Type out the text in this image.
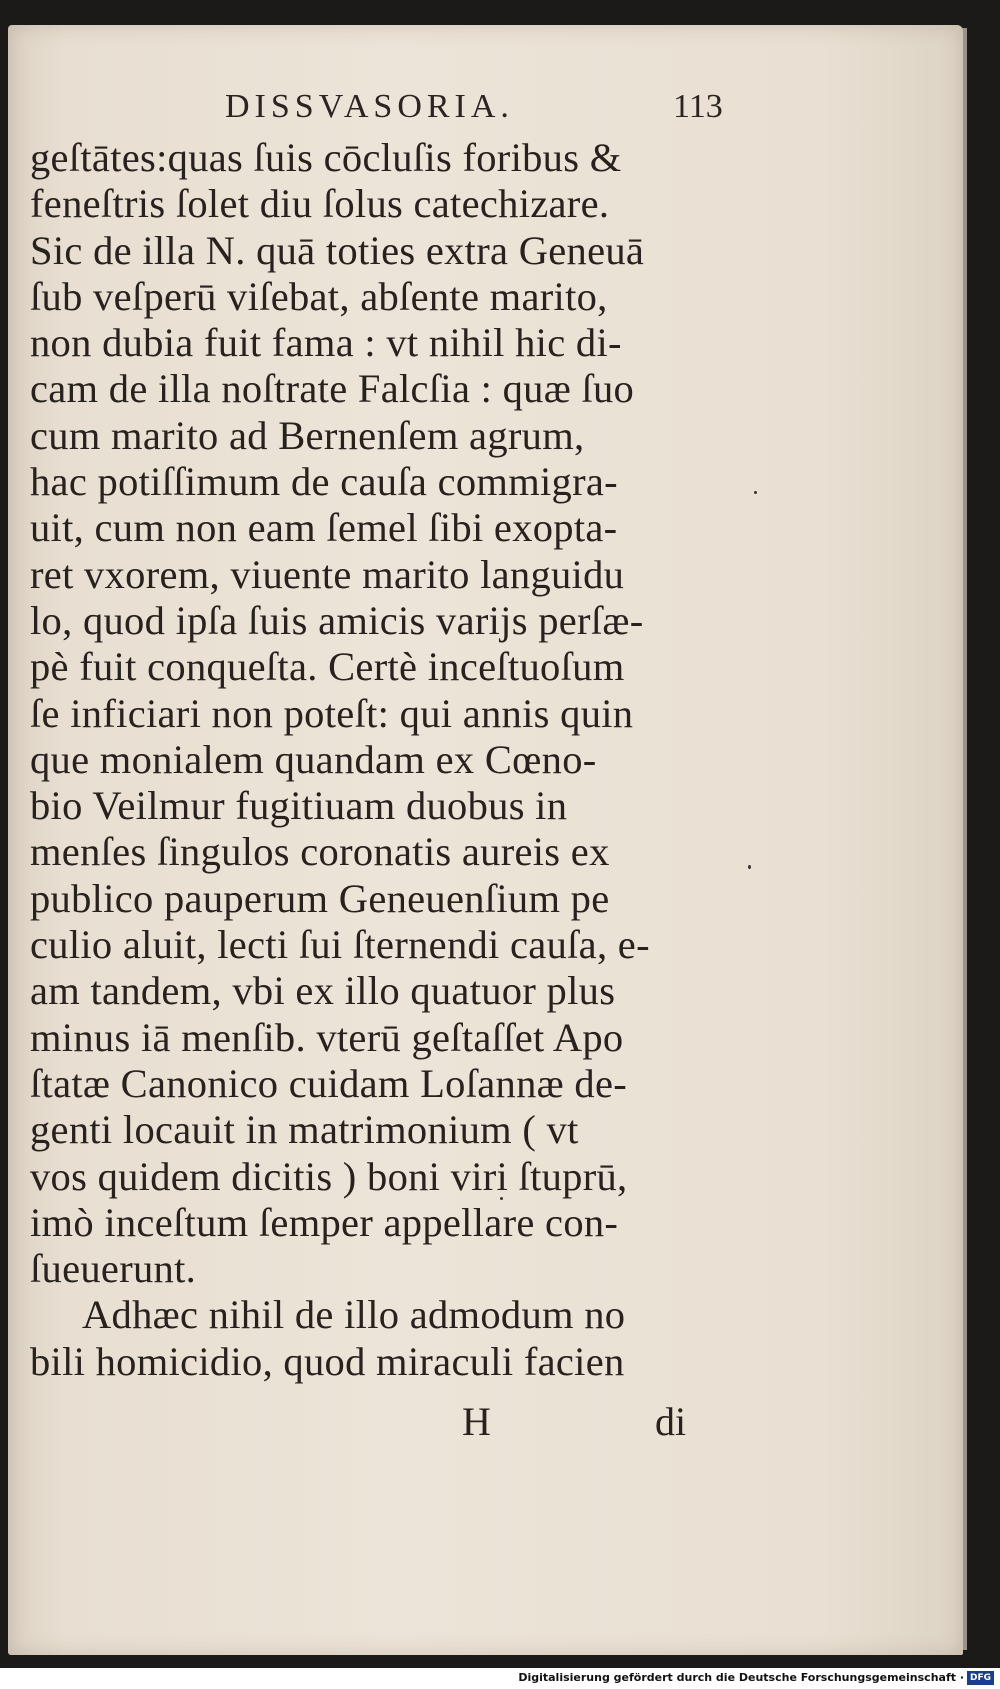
DISSVASORIA.	113
geſtātes:quas ſuis cōcluſis foribus &
feneſtris ſolet diu ſolus catechizare.
Sic de illa N. quā toties extra Geneuā
ſub veſperū viſebat, abſente marito,
non dubia fuit fama : vt nihil hic di-
cam de illa noſtrate Falcſia : quæ ſuo
cum marito ad Bernenſem agrum,
hac potiſſimum de cauſa commigra-
uit, cum non eam ſemel ſibi exopta-
ret vxorem, viuente marito languidu
lo, quod ipſa ſuis amicis varijs perſæ-
pè fuit conqueſta. Certè inceſtuoſum
ſe inficiari non poteſt: qui annis quin
que monialem quandam ex Cœno-
bio Veilmur fugitiuam duobus in
menſes ſingulos coronatis aureis ex
publico pauperum Geneuenſium pe
culio aluit, lecti ſui ſternendi cauſa, e-
am tandem, vbi ex illo quatuor plus
minus iā menſib. vterū geſtaſſet Apo
ſtatæ Canonico cuidam Loſannæ de-
genti locauit in matrimonium ( vt
vos quidem dicitis ) boni viri ſtuprū,
imò inceſtum ſemper appellare con-
ſueuerunt.
Adhæc nihil de illo admodum no
bili homicidio, quod miraculi facien
H	di
Digitalisierung gefördert durch die Deutsche Forschungsgemeinschaft · DFG
